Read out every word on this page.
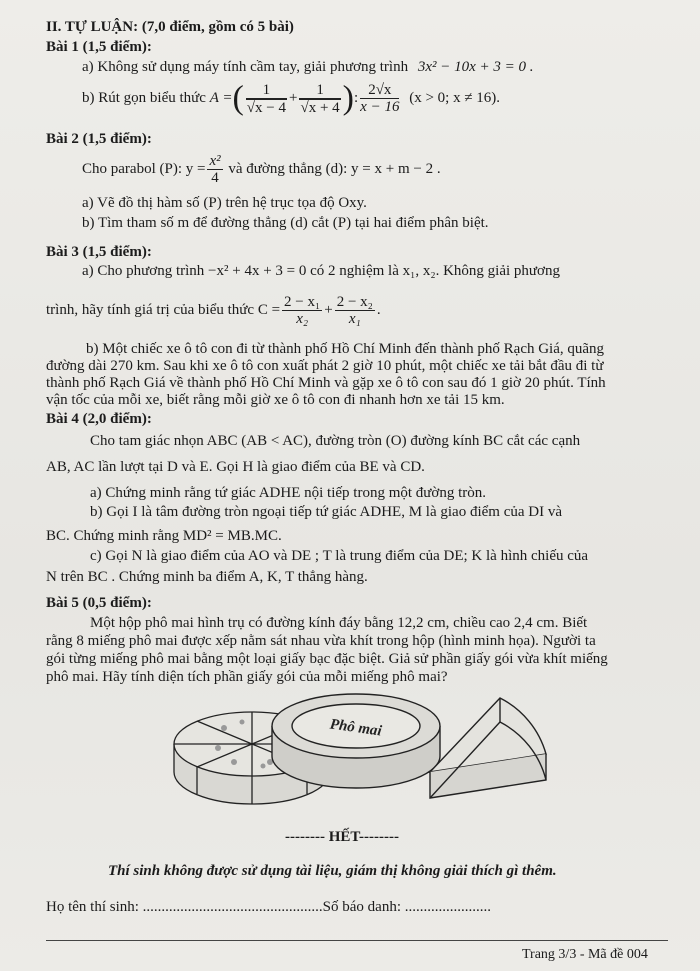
II. TỰ LUẬN: (7,0 điểm, gồm có 5 bài)
Bài 1 (1,5 điểm):
a) Không sử dụng máy tính cầm tay, giải phương trình 3x² − 10x + 3 = 0 .
b) Rút gọn biểu thức A =( $\frac{1}{√x - 4} + \frac{1}{√x + 4}$ ): $\frac{2√x}{x - 16} (x > 0$; x ≠ 16).
Bài 2 (1,5 điểm):
Cho parabol (P): $y = \frac{\text{x²}}{4}$ và đường thẳng (d): y = x + m − 2 .
a) Vẽ đồ thị hàm số (P) trên hệ trục tọa độ Oxy.
b) Tìm tham số m để đường thẳng (d) cắt (P) tại hai điểm phân biệt.
Bài 3 (1,5 điểm):
a) Cho phương trình −x² + 4x + 3 = 0 có 2 nghiệm là x₁, x₂. Không giải phương
trình, hãy tính giá trị của biểu thức $C = \frac{\text{2 − x₁}}{\text{x₂}} + \frac{\text{2 − x₂}}{\text{x₁}}$ .
b) Một chiếc xe ô tô con đi từ thành phố Hồ Chí Minh đến thành phố Rạch Giá, quãng
đường dài 270 km. Sau khi xe ô tô con xuất phát 2 giờ 10 phút, một chiếc xe tải bắt đầu đi từ
thành phố Rạch Giá về thành phố Hồ Chí Minh và gặp xe ô tô con sau đó 1 giờ 20 phút. Tính
vận tốc của mỗi xe, biết rằng mỗi giờ xe ô tô con đi nhanh hơn xe tải 15 km.
Bài 4 (2,0 điểm):
Cho tam giác nhọn ABC (AB < AC), đường tròn (O) đường kính BC cắt các cạnh
AB, AC lần lượt tại D và E. Gọi H là giao điểm của BE và CD.
a) Chứng minh rằng tứ giác ADHE nội tiếp trong một đường tròn.
b) Gọi I là tâm đường tròn ngoại tiếp tứ giác ADHE, M là giao điểm của DI và
BC. Chứng minh rằng MD² = MB.MC.
c) Gọi N là giao điểm của AO và DE ; T là trung điểm của DE; K là hình chiếu của
N trên BC . Chứng minh ba điểm A, K, T thẳng hàng.
Bài 5 (0,5 điểm):
Một hộp phô mai hình trụ có đường kính đáy bằng 12,2 cm, chiều cao 2,4 cm. Biết
rằng 8 miếng phô mai được xếp nằm sát nhau vừa khít trong hộp (hình minh họa). Người ta
gói từng miếng phô mai bằng một loại giấy bạc đặc biệt. Giả sử phần giấy gói vừa khít miếng
phô mai. Hãy tính diện tích phần giấy gói của mỗi miếng phô mai?
Phô mai
-------- HẾT--------
Thí sinh không được sử dụng tài liệu, giám thị không giải thích gì thêm.
Họ tên thí sinh: ................................................Số báo danh: .......................
Trang 3/3 - Mã đề 004
